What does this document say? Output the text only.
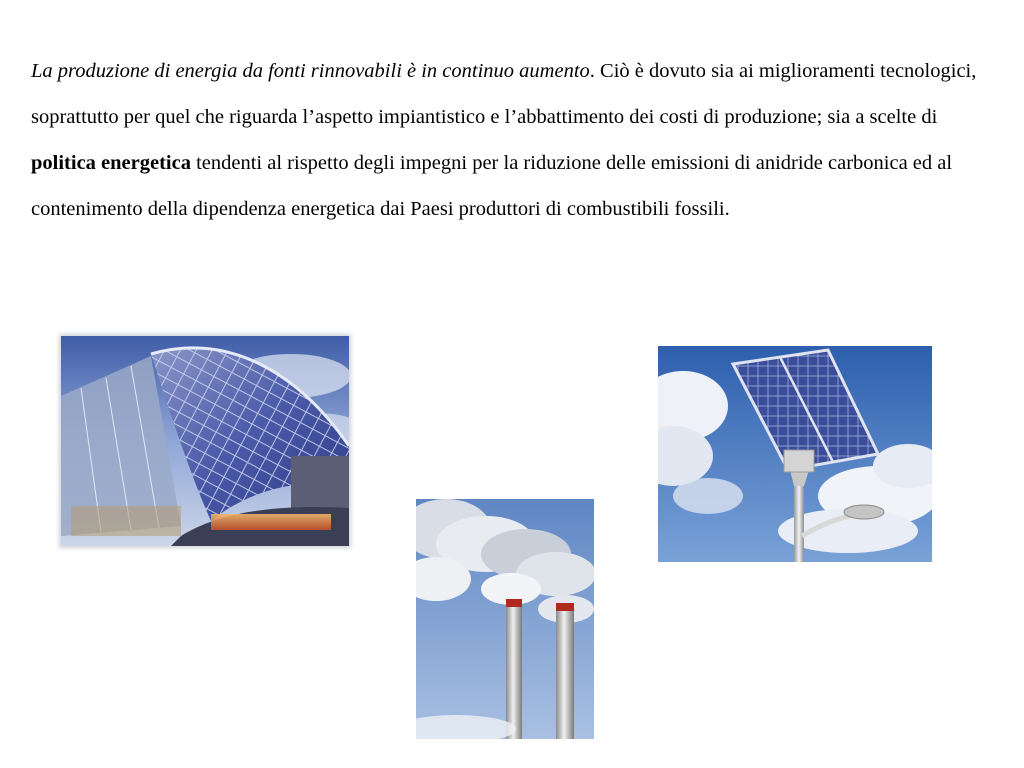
La produzione di energia da fonti rinnovabili è in continuo aumento. Ciò è dovuto sia ai miglioramenti tecnologici, soprattutto per quel che riguarda l’aspetto impiantistico e l’abbattimento dei costi di produzione; sia a scelte di politica energetica tendenti al rispetto degli impegni per la riduzione delle emissioni di anidride carbonica ed al contenimento della dipendenza energetica dai Paesi produttori di combustibili fossili.
